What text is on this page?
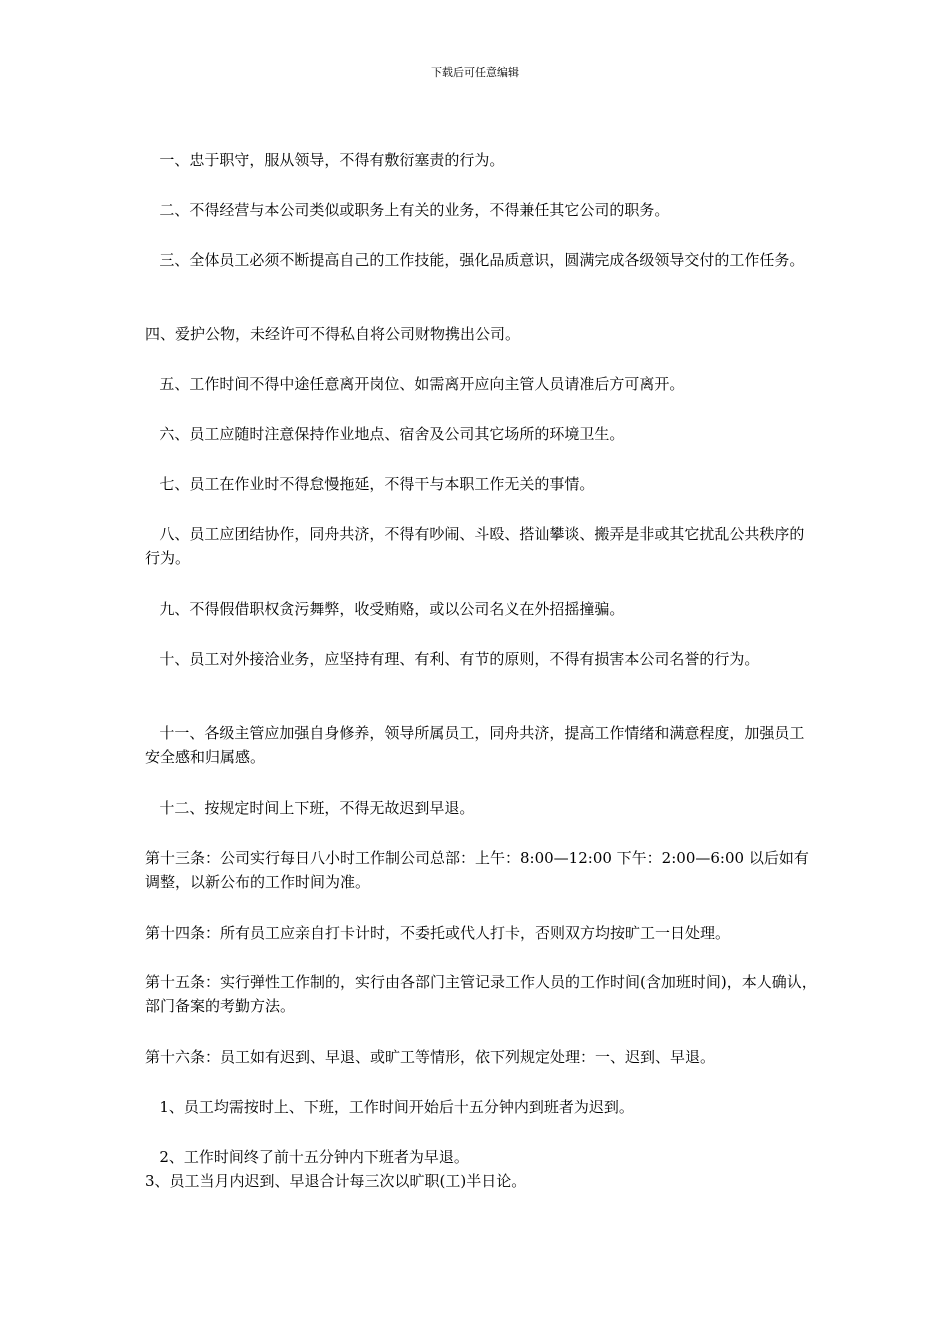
下载后可任意编辑

一、忠于职守，服从领导，不得有敷衍塞责的行为。

二、不得经营与本公司类似或职务上有关的业务，不得兼任其它公司的职务。

三、全体员工必须不断提高自己的工作技能，强化品质意识，圆满完成各级领导交付的工作任务。

四、爱护公物，未经许可不得私自将公司财物携出公司。

五、工作时间不得中途任意离开岗位、如需离开应向主管人员请准后方可离开。

六、员工应随时注意保持作业地点、宿舍及公司其它场所的环境卫生。

七、员工在作业时不得怠慢拖延，不得干与本职工作无关的事情。

八、员工应团结协作，同舟共济，不得有吵闹、斗殴、搭讪攀谈、搬弄是非或其它扰乱公共秩序的行为。

九、不得假借职权贪污舞弊，收受贿赂，或以公司名义在外招摇撞骗。

十、员工对外接洽业务，应坚持有理、有利、有节的原则，不得有损害本公司名誉的行为。

十一、各级主管应加强自身修养，领导所属员工，同舟共济，提高工作情绪和满意程度，加强员工安全感和归属感。

十二、按规定时间上下班，不得无故迟到早退。

第十三条：公司实行每日八小时工作制公司总部：上午：8:00—12:00 下午：2:00—6:00 以后如有调整，以新公布的工作时间为准。

第十四条：所有员工应亲自打卡计时，不委托或代人打卡，否则双方均按旷工一日处理。

第十五条：实行弹性工作制的，实行由各部门主管记录工作人员的工作时间(含加班时间)，本人确认，部门备案的考勤方法。

第十六条：员工如有迟到、早退、或旷工等情形，依下列规定处理：一、迟到、早退。

1、员工均需按时上、下班，工作时间开始后十五分钟内到班者为迟到。

2、工作时间终了前十五分钟内下班者为早退。

3、员工当月内迟到、早退合计每三次以旷职(工)半日论。
